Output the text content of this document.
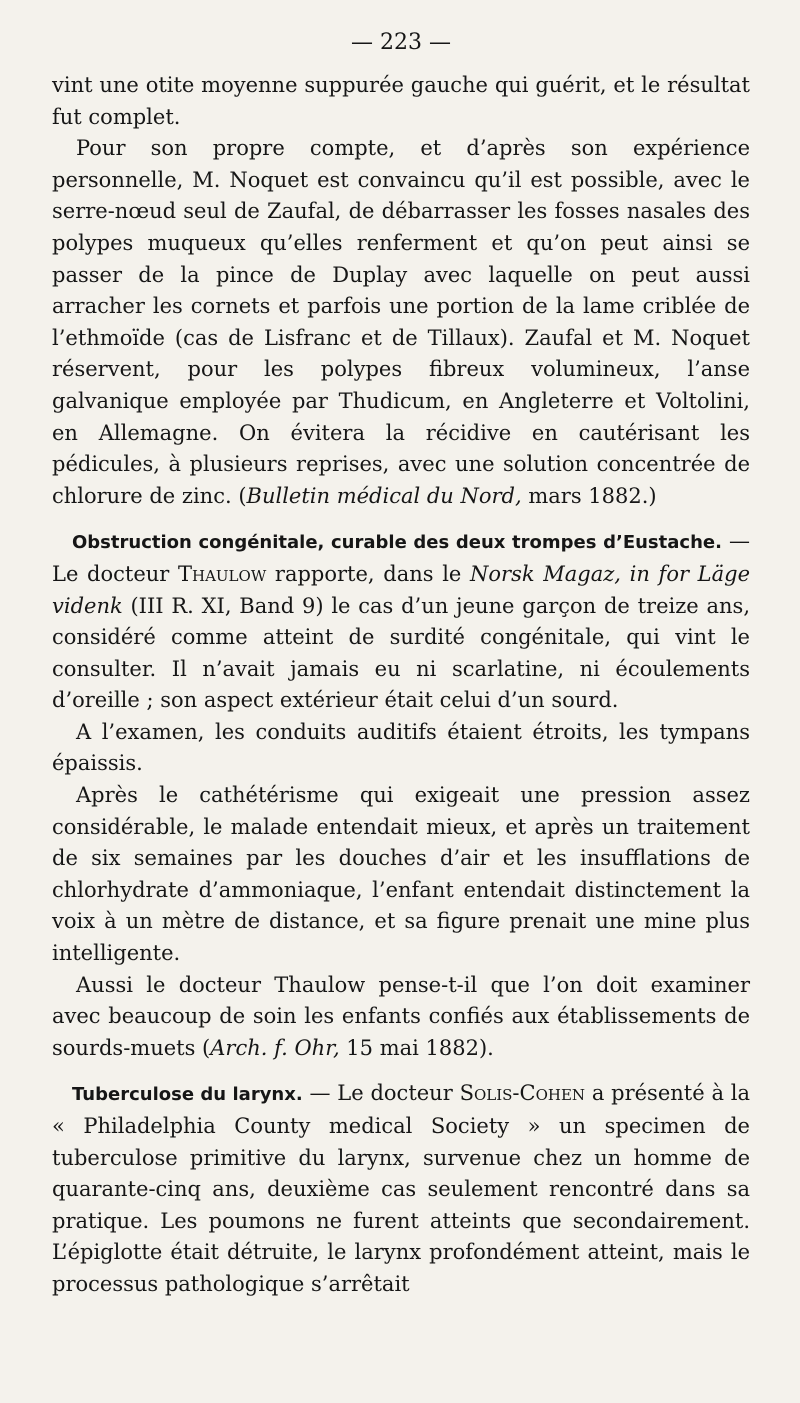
— 223 —

vint une otite moyenne suppurée gauche qui guérit, et le résultat fut complet.

Pour son propre compte, et d’après son expérience personnelle, M. Noquet est convaincu qu’il est possible, avec le serre-nœud seul de Zaufal, de débarrasser les fosses nasales des polypes muqueux qu’elles renferment et qu’on peut ainsi se passer de la pince de Duplay avec laquelle on peut aussi arracher les cornets et parfois une portion de la lame criblée de l’ethmoïde (cas de Lisfranc et de Tillaux). Zaufal et M. Noquet réservent, pour les polypes fibreux volumineux, l’anse galvanique employée par Thudicum, en Angleterre et Voltolini, en Allemagne. On évitera la récidive en cautérisant les pédicules, à plusieurs reprises, avec une solution concentrée de chlorure de zinc. (Bulletin médical du Nord, mars 1882.)

Obstruction congénitale, curable des deux trompes d’Eustache. — Le docteur Thaulow rapporte, dans le Norsk Magaz, in for Läge videnk (III R. XI, Band 9) le cas d’un jeune garçon de treize ans, considéré comme atteint de surdité congénitale, qui vint le consulter. Il n’avait jamais eu ni scarlatine, ni écoulements d’oreille ; son aspect extérieur était celui d’un sourd.

A l’examen, les conduits auditifs étaient étroits, les tympans épaissis.

Après le cathétérisme qui exigeait une pression assez considérable, le malade entendait mieux, et après un traitement de six semaines par les douches d’air et les insufflations de chlorhydrate d’ammoniaque, l’enfant entendait distinctement la voix à un mètre de distance, et sa figure prenait une mine plus intelligente.

Aussi le docteur Thaulow pense-t-il que l’on doit examiner avec beaucoup de soin les enfants confiés aux établissements de sourds-muets (Arch. f. Ohr, 15 mai 1882).

Tuberculose du larynx. — Le docteur Solis-Cohen a présenté à la « Philadelphia County medical Society » un specimen de tuberculose primitive du larynx, survenue chez un homme de quarante-cinq ans, deuxième cas seulement rencontré dans sa pratique. Les poumons ne furent atteints que secondairement. L’épiglotte était détruite, le larynx profondément atteint, mais le processus pathologique s’arrêtait
